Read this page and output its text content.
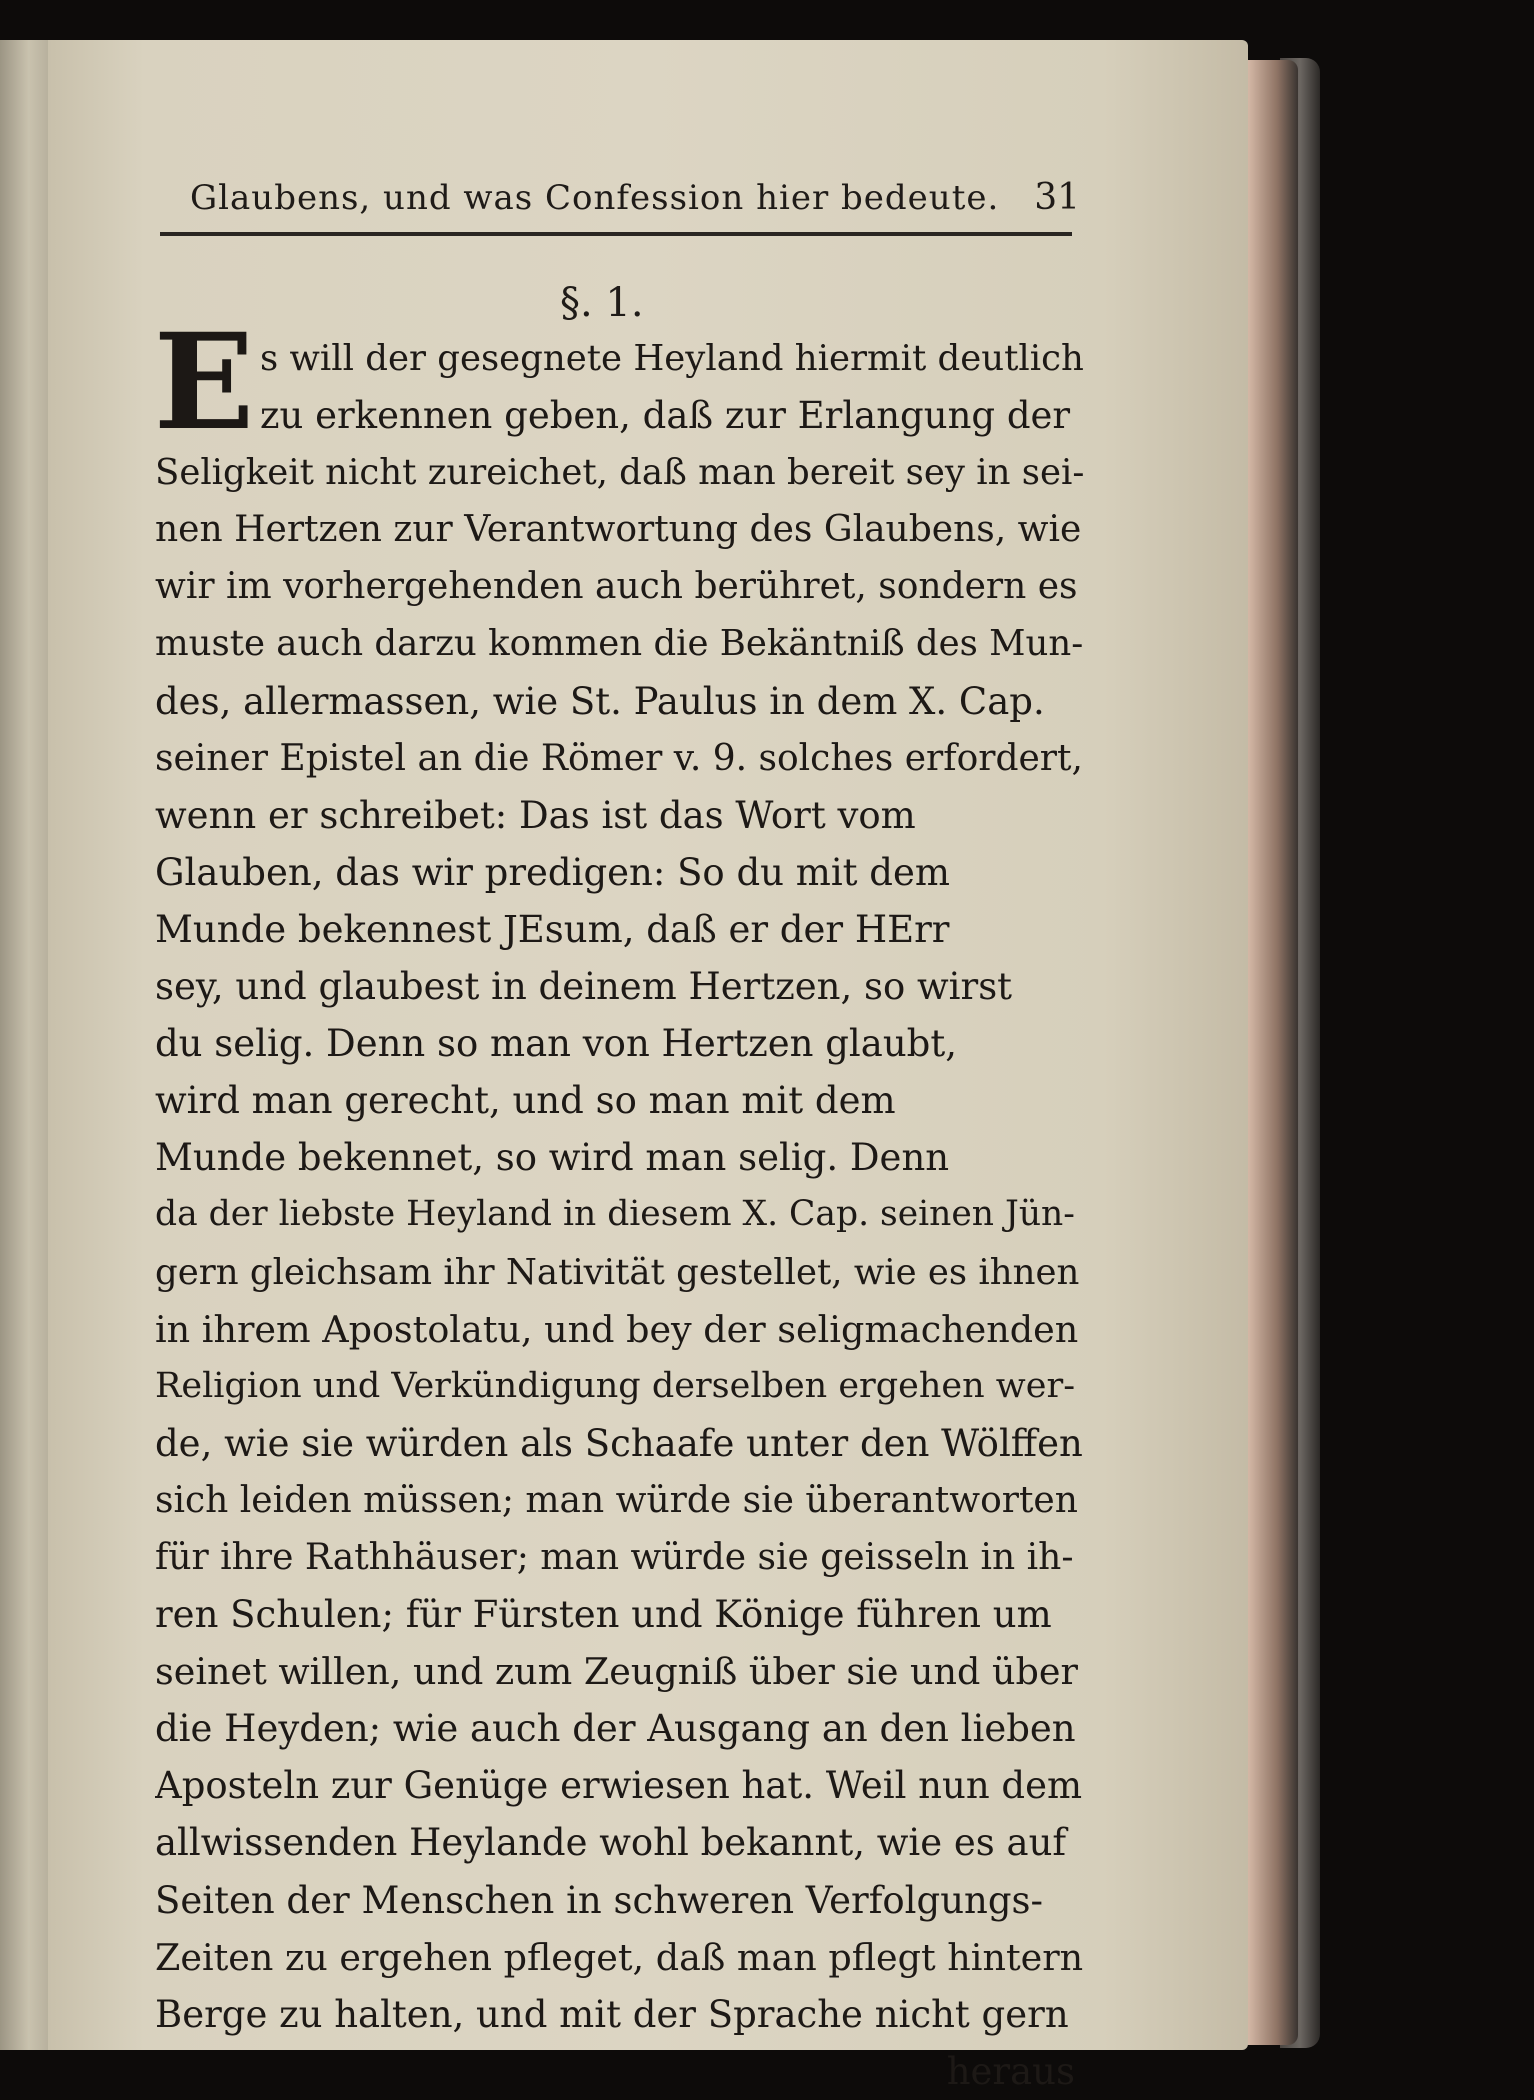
Glaubens, und was Confession hier bedeute. 31
§. 1.
E s will der gesegnete Heyland hiermit deutlich
zu erkennen geben, daß zur Erlangung der
Seligkeit nicht zureichet, daß man bereit sey in sei-
nen Hertzen zur Verantwortung des Glaubens, wie
wir im vorhergehenden auch berühret, sondern es
muste auch darzu kommen die Bekäntniß des Mun-
des, allermassen, wie St. Paulus in dem X. Cap.
seiner Epistel an die Römer v. 9. solches erfordert,
wenn er schreibet: Das ist das Wort vom
Glauben, das wir predigen: So du mit dem
Munde bekennest JEsum, daß er der HErr
sey, und glaubest in deinem Hertzen, so wirst
du selig. Denn so man von Hertzen glaubt,
wird man gerecht, und so man mit dem
Munde bekennet, so wird man selig. Denn
da der liebste Heyland in diesem X. Cap. seinen Jün-
gern gleichsam ihr Nativität gestellet, wie es ihnen
in ihrem Apostolatu, und bey der seligmachenden
Religion und Verkündigung derselben ergehen wer-
de, wie sie würden als Schaafe unter den Wölffen
sich leiden müssen; man würde sie überantworten
für ihre Rathhäuser; man würde sie geisseln in ih-
ren Schulen; für Fürsten und Könige führen um
seinet willen, und zum Zeugniß über sie und über
die Heyden; wie auch der Ausgang an den lieben
Aposteln zur Genüge erwiesen hat. Weil nun dem
allwissenden Heylande wohl bekannt, wie es auf
Seiten der Menschen in schweren Verfolgungs-
Zeiten zu ergehen pfleget, daß man pflegt hintern
Berge zu halten, und mit der Sprache nicht gern
heraus
